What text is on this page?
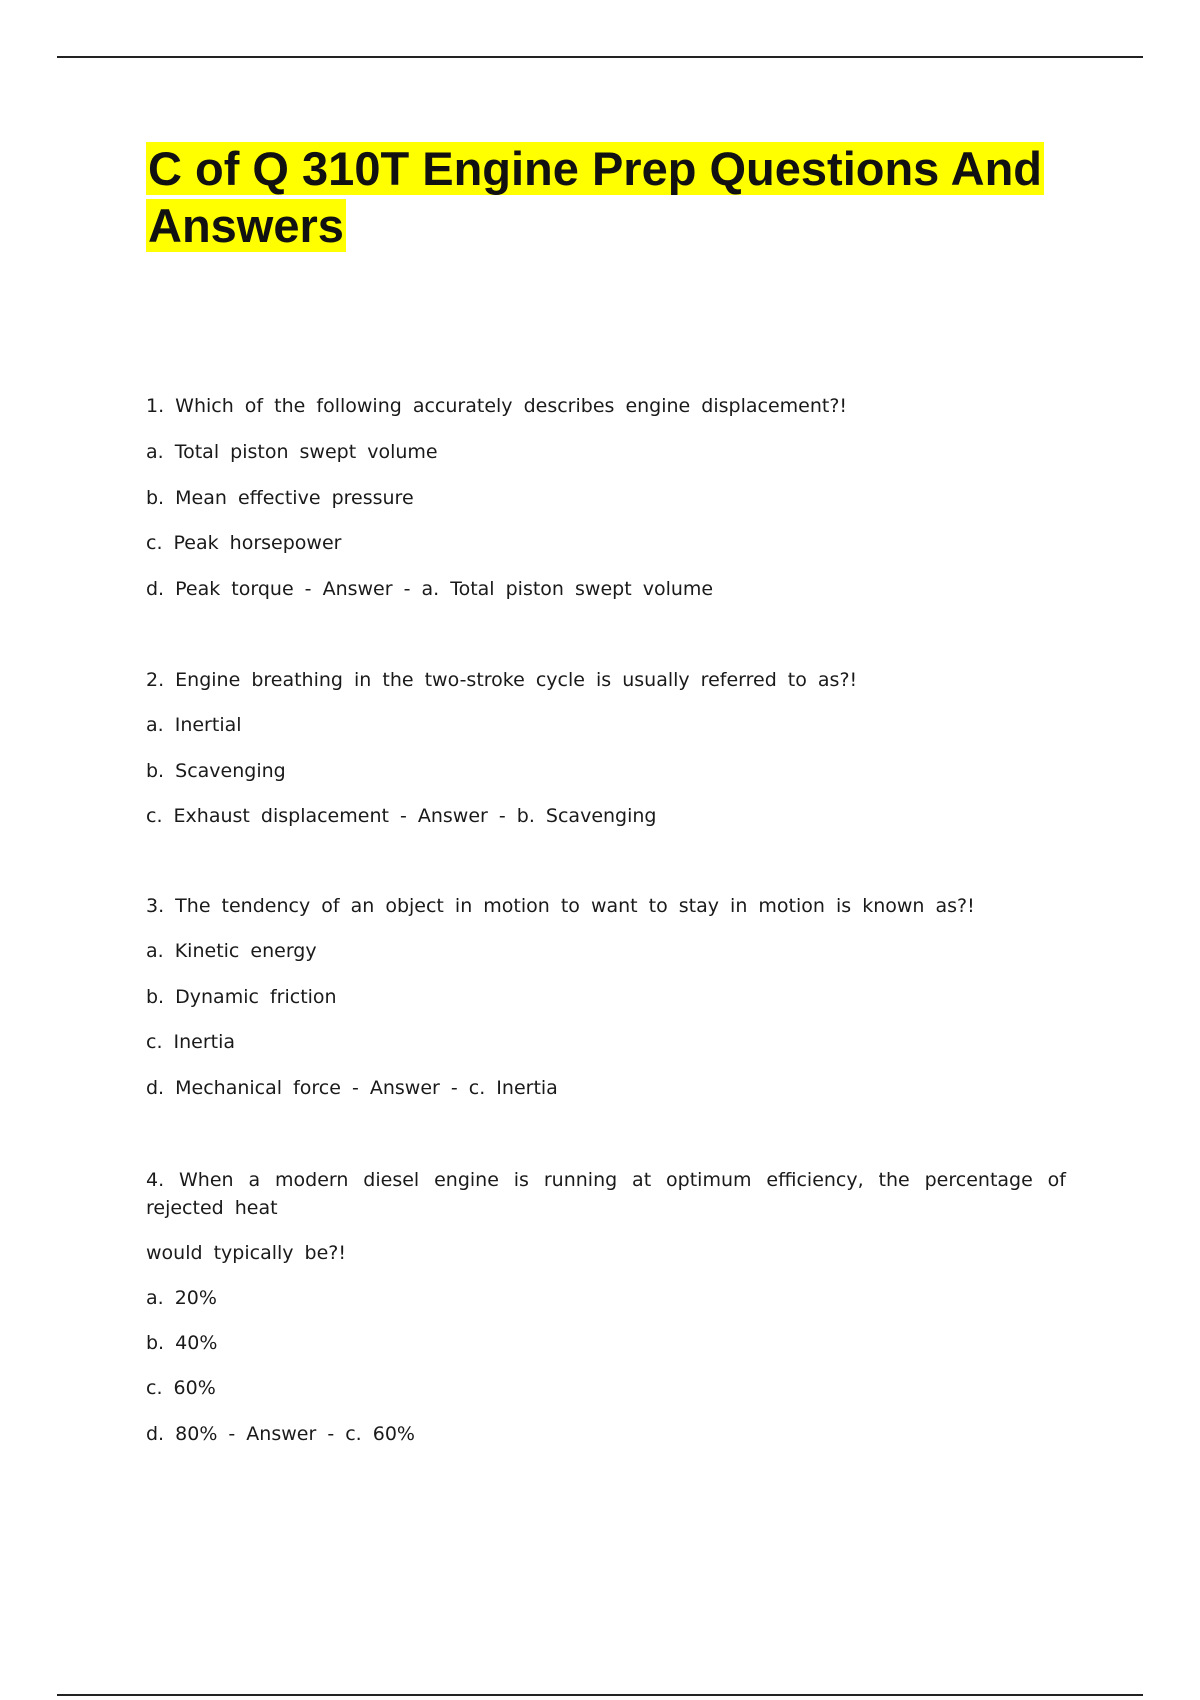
C of Q 310T Engine Prep Questions And Answers

1. Which of the following accurately describes engine displacement?!

a. Total piston swept volume

b. Mean effective pressure

c. Peak horsepower

d. Peak torque - Answer - a. Total piston swept volume

2. Engine breathing in the two-stroke cycle is usually referred to as?!

a. Inertial

b. Scavenging

c. Exhaust displacement - Answer - b. Scavenging

3. The tendency of an object in motion to want to stay in motion is known as?!

a. Kinetic energy

b. Dynamic friction

c. Inertia

d. Mechanical force - Answer - c. Inertia

4. When a modern diesel engine is running at optimum efficiency, the percentage of rejected heat

would typically be?!

a. 20%

b. 40%

c. 60%

d. 80% - Answer - c. 60%
